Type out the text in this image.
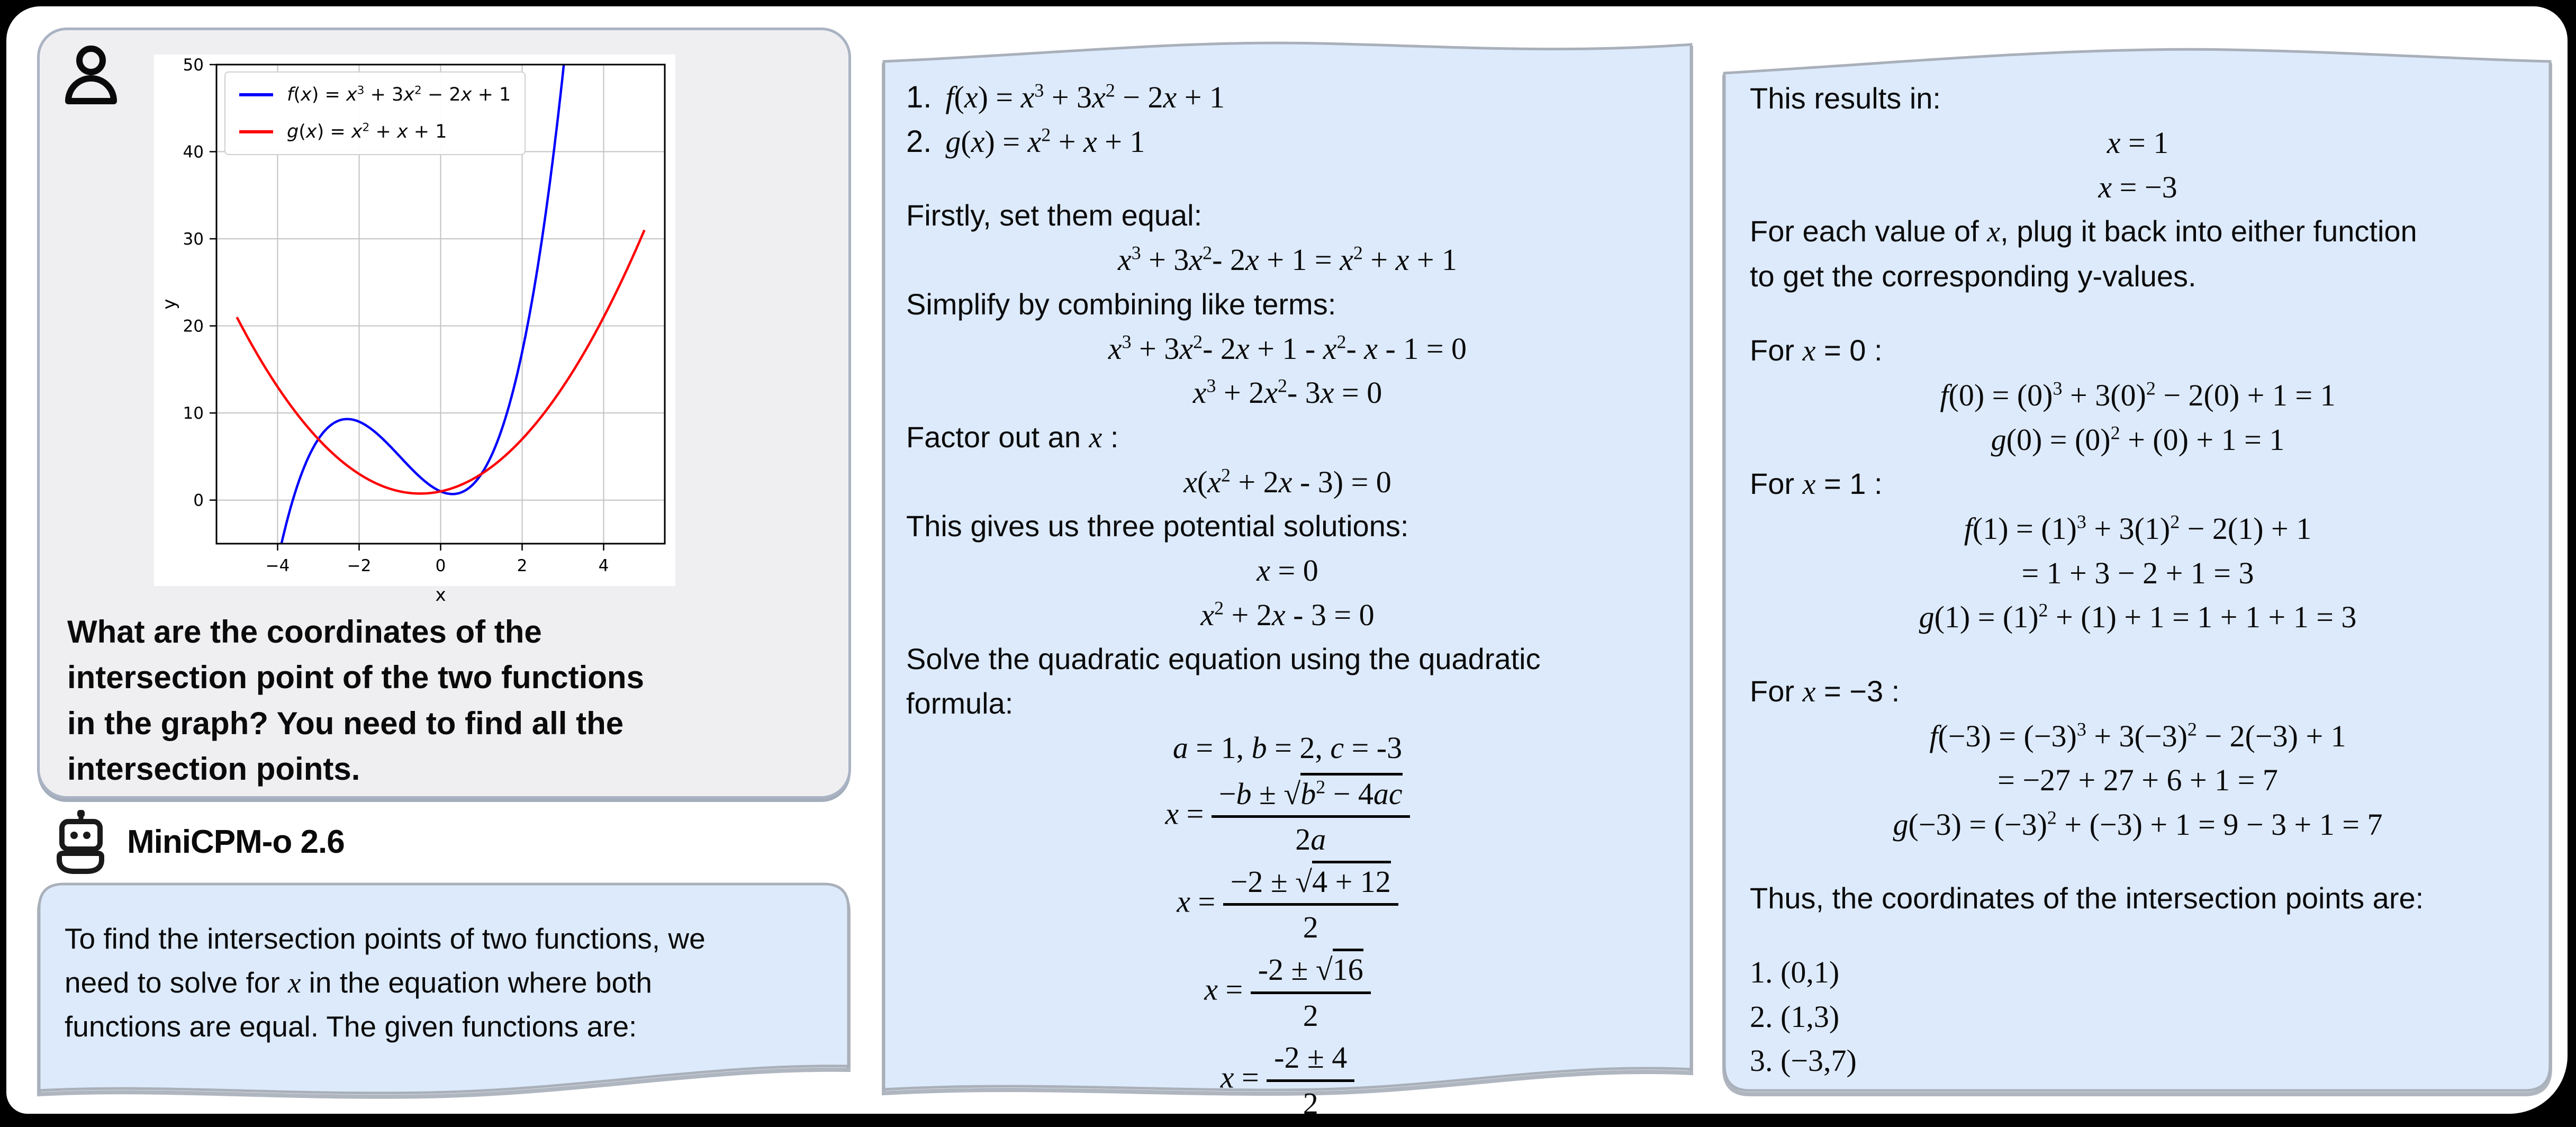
−4	−2	0	2	4
0
10
20
30
40
50
x
y
$f(x) = x^3 + 3x^2 - 2x + 1$
$g(x) = x^2 + x + 1$
What are the coordinates of the
intersection point of the two functions
in the graph? You need to find all the
intersection points.
MiniCPM-o 2.6
To find the intersection points of two functions, we
need to solve for x in the equation where both
functions are equal. The given functions are:
1. $f(x) = x^3 + 3x^2 - 2x + 1$
2. $g(x) = x^2 + x + 1$
Firstly, set them equal:
$x^3 + 3x^2-$ $2x + 1 = x^2 + x + 1$
Simplify by combining like terms:
$x^3 + 3x^2-$ $2x + 1 - x^2-$ x - 1 = 0
$x^3 + 2x^2-$ 3x = 0
Factor out an x :
$x(x^2 + 2x - 3) = 0$
This gives us three potential solutions:
x = 0
$x^2 + 2x - 3 = 0$
Solve the quadratic equation using the quadratic
formula:
a = 1, b = 2, c = -3
$x = \frac{-b \pm √b^2 - 4ac}{2a}$
$x = \frac{-2 \pm √4 + 12}{2}$
$x = \frac{-2 \pm √16}{2}$
$x = \frac{-2 \pm 4}{2}$
This results in:
x = 1
x = −3
For each value of x, plug it back into either function
to get the corresponding y-values.
For x = 0 :
$f(0) = (0)^3 + 3(0)^2 - 2(0) + 1 = 1$
$g(0) = (0)^2 + (0) + 1 = 1$
For x = 1 :
$f(1) = (1)^3 + 3(1)^2 - 2(1) + 1$
= 1 + 3 − 2 + 1 = 3
$g(1) = (1)^2 + (1) + 1 = 1 + 1 + 1 = 3$
For x = −3 :
$f(-3) = (-3)^3 + 3(-3)^2 - 2(-3) + 1$
= −27 + 27 + 6 + 1 = 7
$g(-3) = (-3)^2 + (-3) + 1 = 9 - 3 + 1 = 7$
Thus, the coordinates of the intersection points are:
1. (0,1)
2. (1,3)
3. (−3,7)
